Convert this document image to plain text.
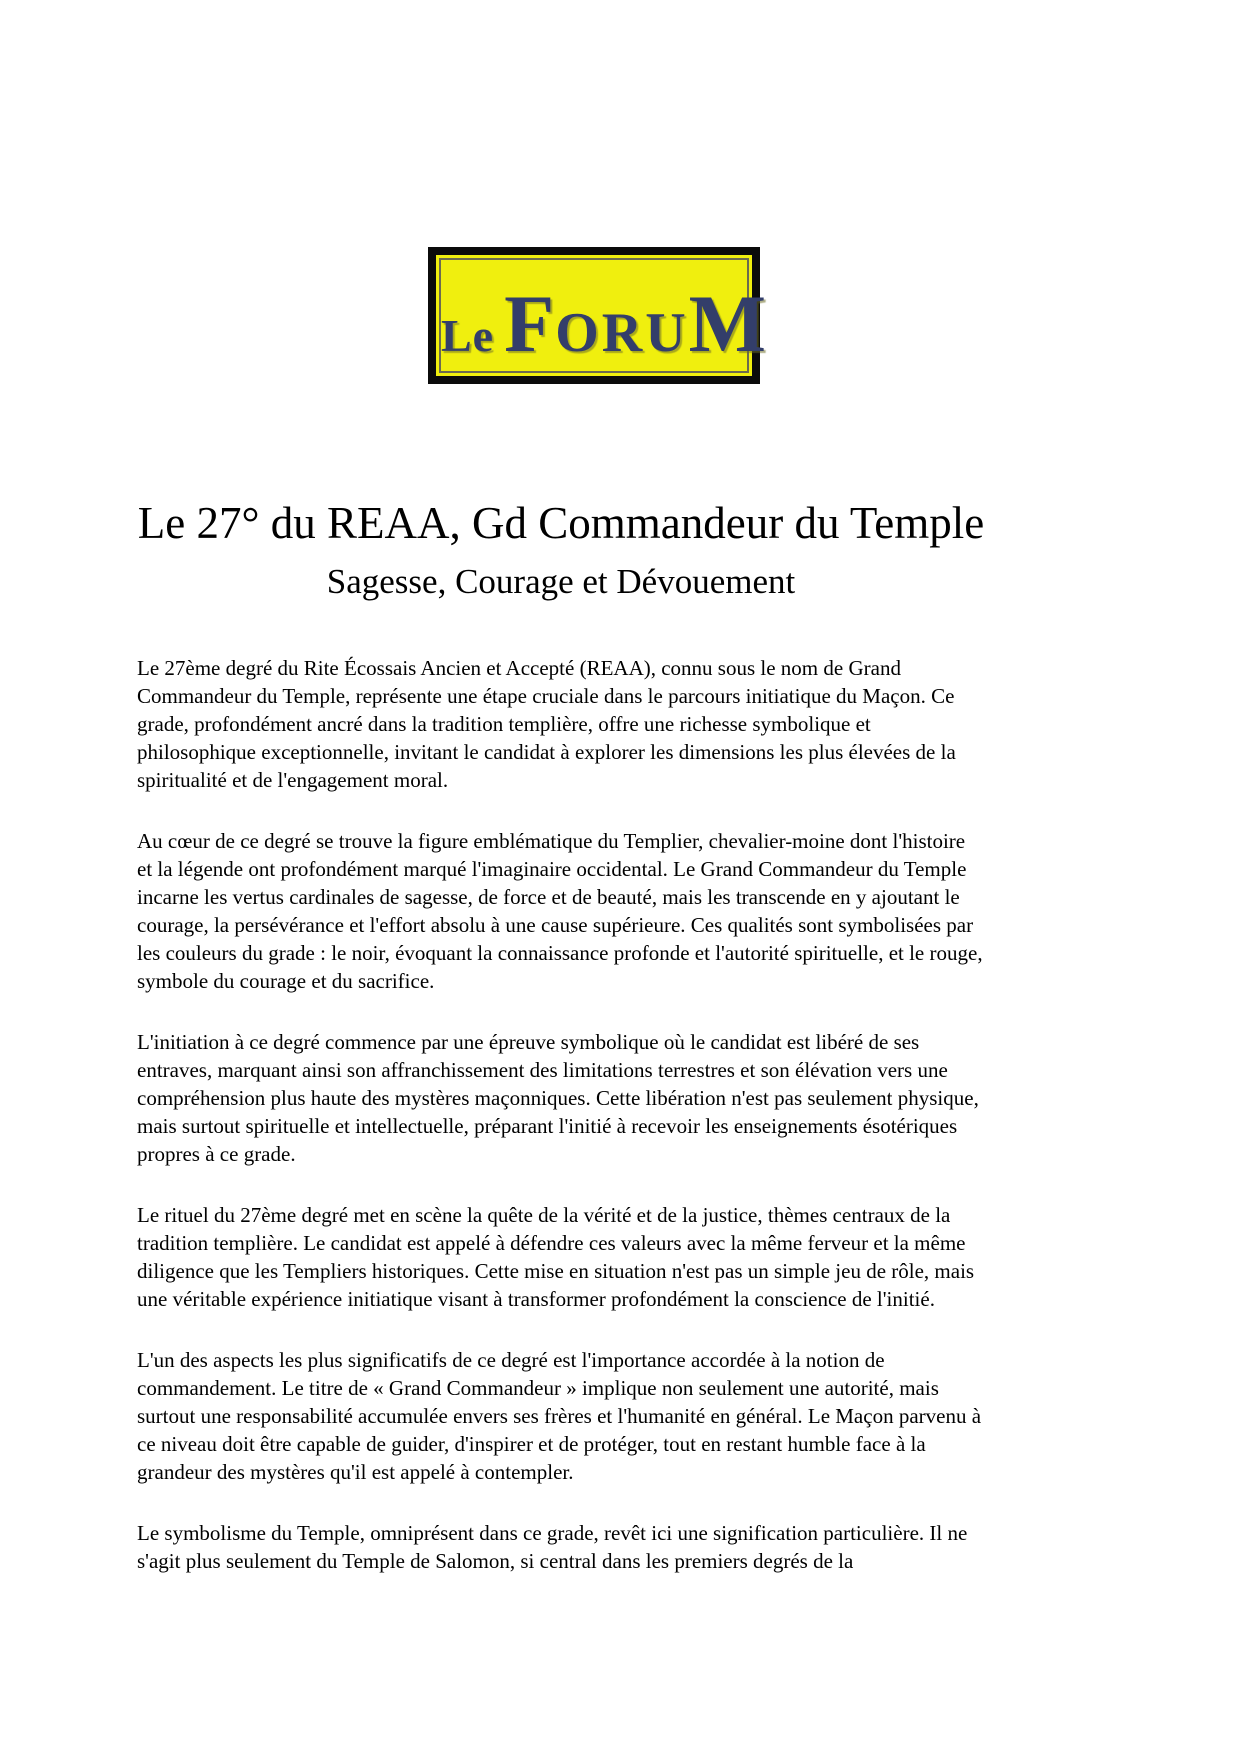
Le FORUM
Le 27° du REAA, Gd Commandeur du Temple
Sagesse, Courage et Dévouement

Le 27ème degré du Rite Écossais Ancien et Accepté (REAA), connu sous le nom de Grand Commandeur du Temple, représente une étape cruciale dans le parcours initiatique du Maçon. Ce grade, profondément ancré dans la tradition templière, offre une richesse symbolique et philosophique exceptionnelle, invitant le candidat à explorer les dimensions les plus élevées de la spiritualité et de l'engagement moral.

Au cœur de ce degré se trouve la figure emblématique du Templier, chevalier-moine dont l'histoire et la légende ont profondément marqué l'imaginaire occidental. Le Grand Commandeur du Temple incarne les vertus cardinales de sagesse, de force et de beauté, mais les transcende en y ajoutant le courage, la persévérance et l'effort absolu à une cause supérieure. Ces qualités sont symbolisées par les couleurs du grade : le noir, évoquant la connaissance profonde et l'autorité spirituelle, et le rouge, symbole du courage et du sacrifice.

L'initiation à ce degré commence par une épreuve symbolique où le candidat est libéré de ses entraves, marquant ainsi son affranchissement des limitations terrestres et son élévation vers une compréhension plus haute des mystères maçonniques. Cette libération n'est pas seulement physique, mais surtout spirituelle et intellectuelle, préparant l'initié à recevoir les enseignements ésotériques propres à ce grade.

Le rituel du 27ème degré met en scène la quête de la vérité et de la justice, thèmes centraux de la tradition templière. Le candidat est appelé à défendre ces valeurs avec la même ferveur et la même diligence que les Templiers historiques. Cette mise en situation n'est pas un simple jeu de rôle, mais une véritable expérience initiatique visant à transformer profondément la conscience de l'initié.

L'un des aspects les plus significatifs de ce degré est l'importance accordée à la notion de commandement. Le titre de « Grand Commandeur » implique non seulement une autorité, mais surtout une responsabilité accumulée envers ses frères et l'humanité en général. Le Maçon parvenu à ce niveau doit être capable de guider, d'inspirer et de protéger, tout en restant humble face à la grandeur des mystères qu'il est appelé à contempler.

Le symbolisme du Temple, omniprésent dans ce grade, revêt ici une signification particulière. Il ne s'agit plus seulement du Temple de Salomon, si central dans les premiers degrés de la
